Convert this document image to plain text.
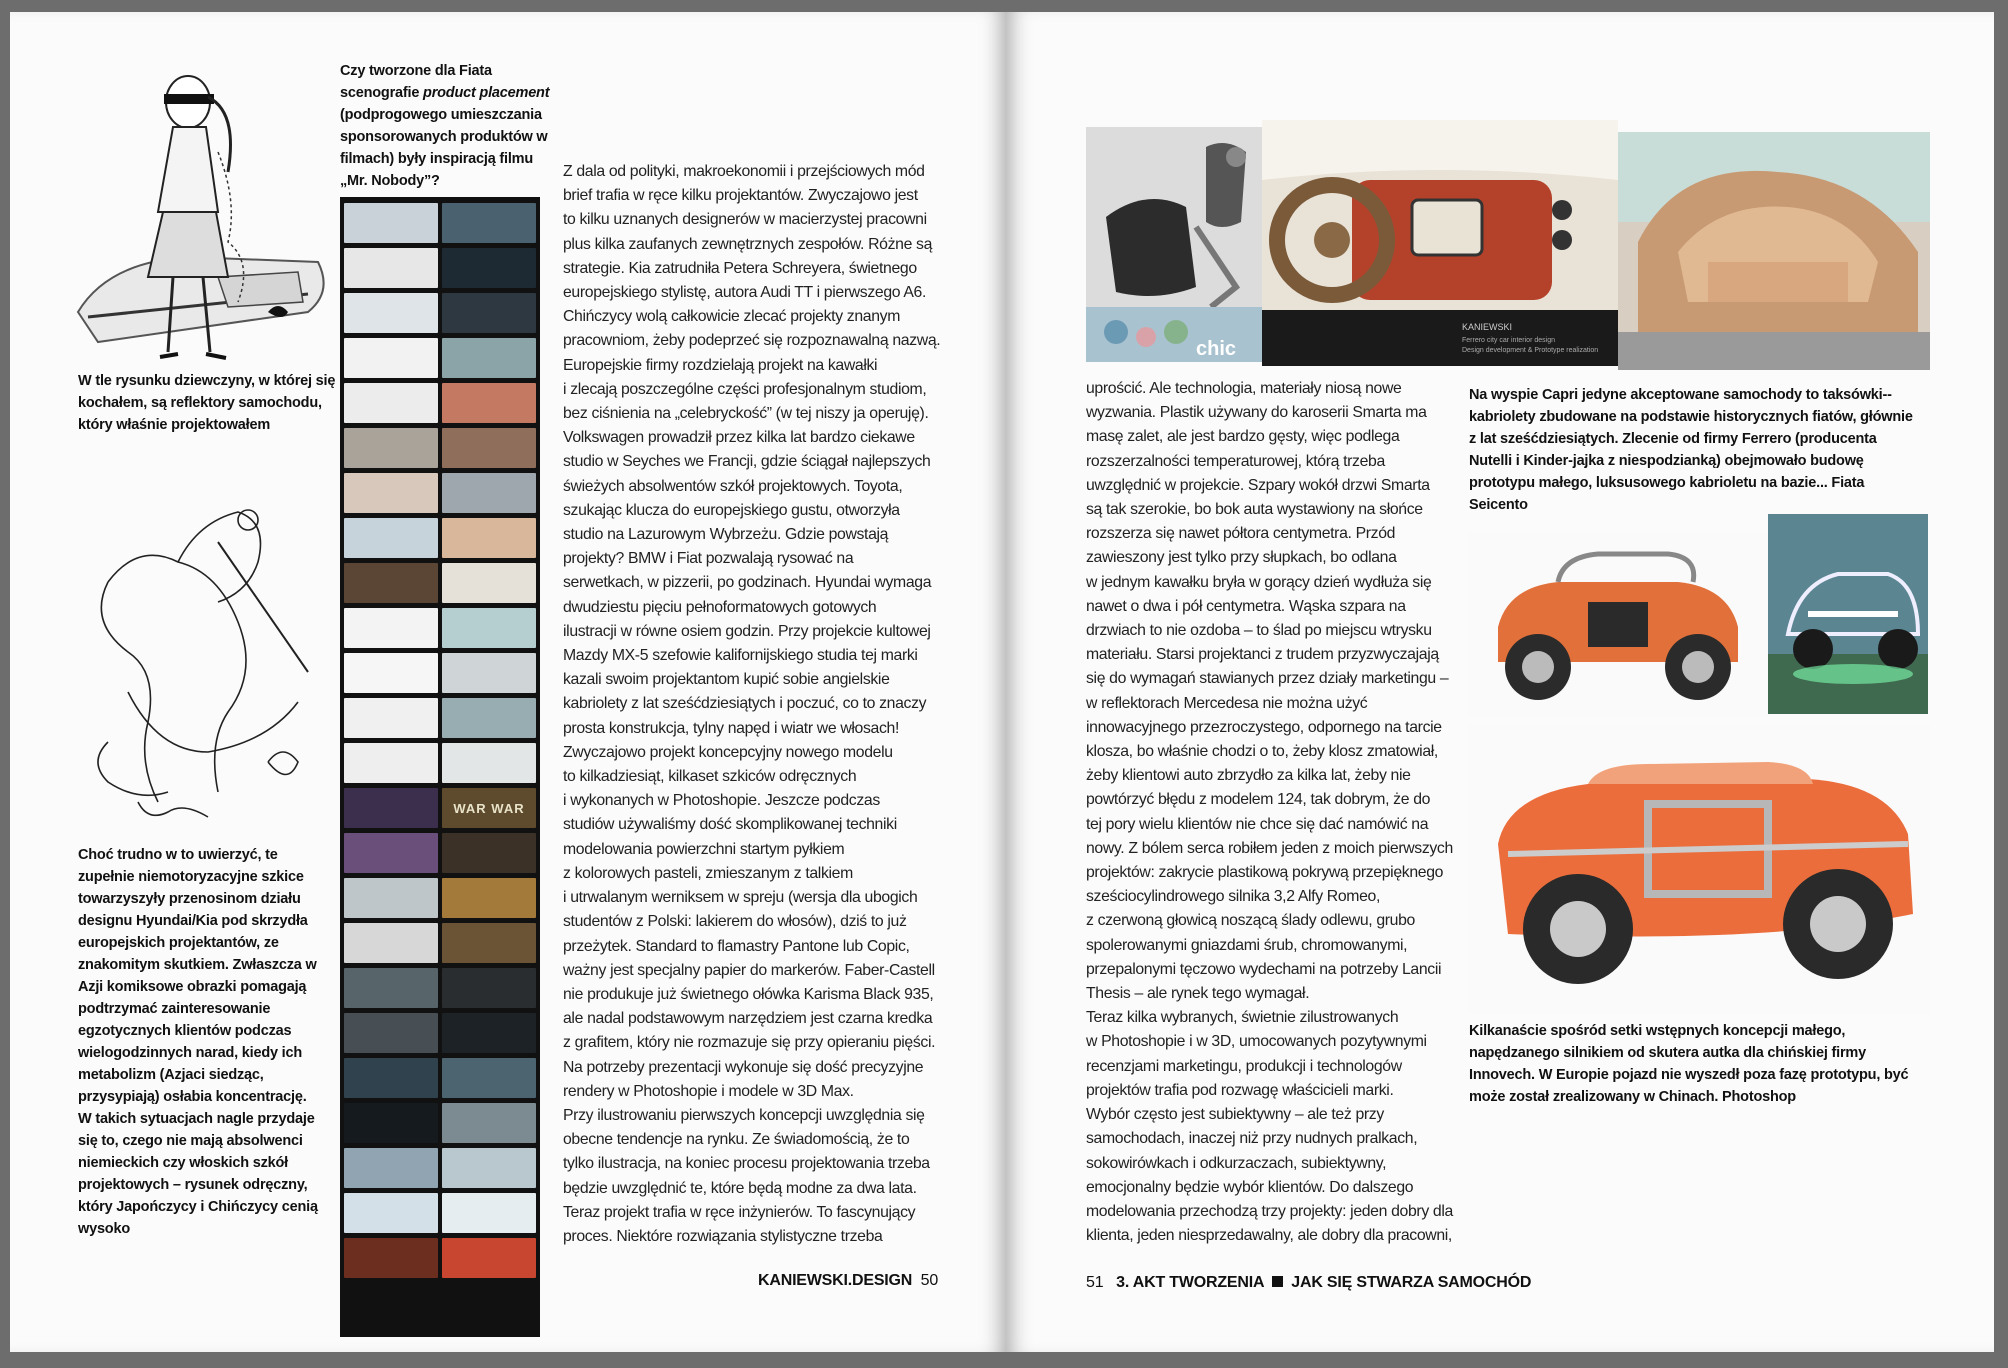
W tle rysunku dziewczyny, w której się kochałem, są reflektory samochodu, który właśnie projektowałem
Choć trudno w to uwierzyć, te zupełnie niemotoryzacyjne szkice towarzyszyły przenosinom działu designu Hyundai/Kia pod skrzydła europejskich projektantów, ze znakomitym skutkiem. Zwłaszcza w Azji komiksowe obrazki pomagają podtrzymać zainteresowanie egzotycznych klientów podczas wielogodzinnych narad, kiedy ich metabolizm (Azjaci siedząc, przysypiają) osłabia koncentrację. W takich sytuacjach nagle przydaje się to, czego nie mają absolwenci niemieckich czy włoskich szkół projektowych – rysunek odręczny, który Japończycy i Chińczycy cenią wysoko
Czy tworzone dla Fiata
scenografie product placement (podprogowego umieszczania sponsorowanych produktów w filmach) były inspiracją filmu „Mr. Nobody”?
WAR WAR

Z dala od polityki, makroekonomii i przejściowych mód

brief trafia w ręce kilku projektantów. Zwyczajowo jest

to kilku uznanych designerów w macierzystej pracowni

plus kilka zaufanych zewnętrznych zespołów. Różne są

strategie. Kia zatrudniła Petera Schreyera, świetnego

europejskiego stylistę, autora Audi TT i pierwszego A6.

Chińczycy wolą całkowicie zlecać projekty znanym

pracowniom, żeby podeprzeć się rozpoznawalną nazwą.

Europejskie firmy rozdzielają projekt na kawałki

i zlecają poszczególne części profesjonalnym studiom,

bez ciśnienia na „celebryckość” (w tej niszy ja operuję).

Volkswagen prowadził przez kilka lat bardzo ciekawe

studio w Seyches we Francji, gdzie ściągał najlepszych

świeżych absolwentów szkół projektowych. Toyota,

szukając klucza do europejskiego gustu, otworzyła

studio na Lazurowym Wybrzeżu. Gdzie powstają

projekty? BMW i Fiat pozwalają rysować na

serwetkach, w pizzerii, po godzinach. Hyundai wymaga

dwudziestu pięciu pełnoformatowych gotowych

ilustracji w równe osiem godzin. Przy projekcie kultowej

Mazdy MX-5 szefowie kalifornijskiego studia tej marki

kazali swoim projektantom kupić sobie angielskie

kabriolety z lat sześćdziesiątych i poczuć, co to znaczy

prosta konstrukcja, tylny napęd i wiatr we włosach!

Zwyczajowo projekt koncepcyjny nowego modelu

to kilkadziesiąt, kilkaset szkiców odręcznych

i wykonanych w Photoshopie. Jeszcze podczas

studiów używaliśmy dość skomplikowanej techniki

modelowania powierzchni startym pyłkiem

z kolorowych pasteli, zmieszanym z talkiem

i utrwalanym werniksem w spreju (wersja dla ubogich

studentów z Polski: lakierem do włosów), dziś to już

przeżytek. Standard to flamastry Pantone lub Copic,

ważny jest specjalny papier do markerów. Faber-Castell

nie produkuje już świetnego ołówka Karisma Black 935,

ale nadal podstawowym narzędziem jest czarna kredka

z grafitem, który nie rozmazuje się przy opieraniu pięści.

Na potrzeby prezentacji wykonuje się dość precyzyjne

rendery w Photoshopie i modele w 3D Max.

Przy ilustrowaniu pierwszych koncepcji uwzględnia się

obecne tendencje na rynku. Ze świadomością, że to

tylko ilustracja, na koniec procesu projektowania trzeba

będzie uwzględnić te, które będą modne za dwa lata.

Teraz projekt trafia w ręce inżynierów. To fascynujący

proces. Niektóre rozwiązania stylistyczne trzeba

KANIEWSKI.DESIGN 50
chic
KANIEWSKI
Ferrero city car interior design
Design development & Prototype realization

uprościć. Ale technologia, materiały niosą nowe

wyzwania. Plastik używany do karoserii Smarta ma

masę zalet, ale jest bardzo gęsty, więc podlega

rozszerzalności temperaturowej, którą trzeba

uwzględnić w projekcie. Szpary wokół drzwi Smarta

są tak szerokie, bo bok auta wystawiony na słońce

rozszerza się nawet półtora centymetra. Przód

zawieszony jest tylko przy słupkach, bo odlana

w jednym kawałku bryła w gorący dzień wydłuża się

nawet o dwa i pół centymetra. Wąska szpara na

drzwiach to nie ozdoba – to ślad po miejscu wtrysku

materiału. Starsi projektanci z trudem przyzwyczajają

się do wymagań stawianych przez działy marketingu –

w reflektorach Mercedesa nie można użyć

innowacyjnego przezroczystego, odpornego na tarcie

klosza, bo właśnie chodzi o to, żeby klosz zmatowiał,

żeby klientowi auto zbrzydło za kilka lat, żeby nie

powtórzyć błędu z modelem 124, tak dobrym, że do

tej pory wielu klientów nie chce się dać namówić na

nowy. Z bólem serca robiłem jeden z moich pierwszych

projektów: zakrycie plastikową pokrywą przepięknego

sześciocylindrowego silnika 3,2 Alfy Romeo,

z czerwoną głowicą noszącą ślady odlewu, grubo

spolerowanymi gniazdami śrub, chromowanymi,

przepalonymi tęczowo wydechami na potrzeby Lancii

Thesis – ale rynek tego wymagał.

Teraz kilka wybranych, świetnie zilustrowanych

w Photoshopie i w 3D, umocowanych pozytywnymi

recenzjami marketingu, produkcji i technologów

projektów trafia pod rozwagę właścicieli marki.

Wybór często jest subiektywny – ale też przy

samochodach, inaczej niż przy nudnych pralkach,

sokowirówkach i odkurzaczach, subiektywny,

emocjonalny będzie wybór klientów. Do dalszego

modelowania przechodzą trzy projekty: jeden dobry dla

klienta, jeden niesprzedawalny, ale dobry dla pracowni,

Na wyspie Capri jedyne akceptowane samochody to taksówki--kabriolety zbudowane na podstawie historycznych fiatów, głównie z lat sześćdziesiątych. Zlecenie od firmy Ferrero (producenta Nutelli i Kinder-jajka z niespodzianką) obejmowało budowę prototypu małego, luksusowego kabrioletu na bazie... Fiata Seicento
Kilkanaście spośród setki wstępnych koncepcji małego, napędzanego silnikiem od skutera autka dla chińskiej firmy Innovech. W Europie pojazd nie wyszedł poza fazę prototypu, być może został zrealizowany w Chinach. Photoshop
51 3. AKT TWORZENIA JAK SIĘ STWARZA SAMOCHÓD
